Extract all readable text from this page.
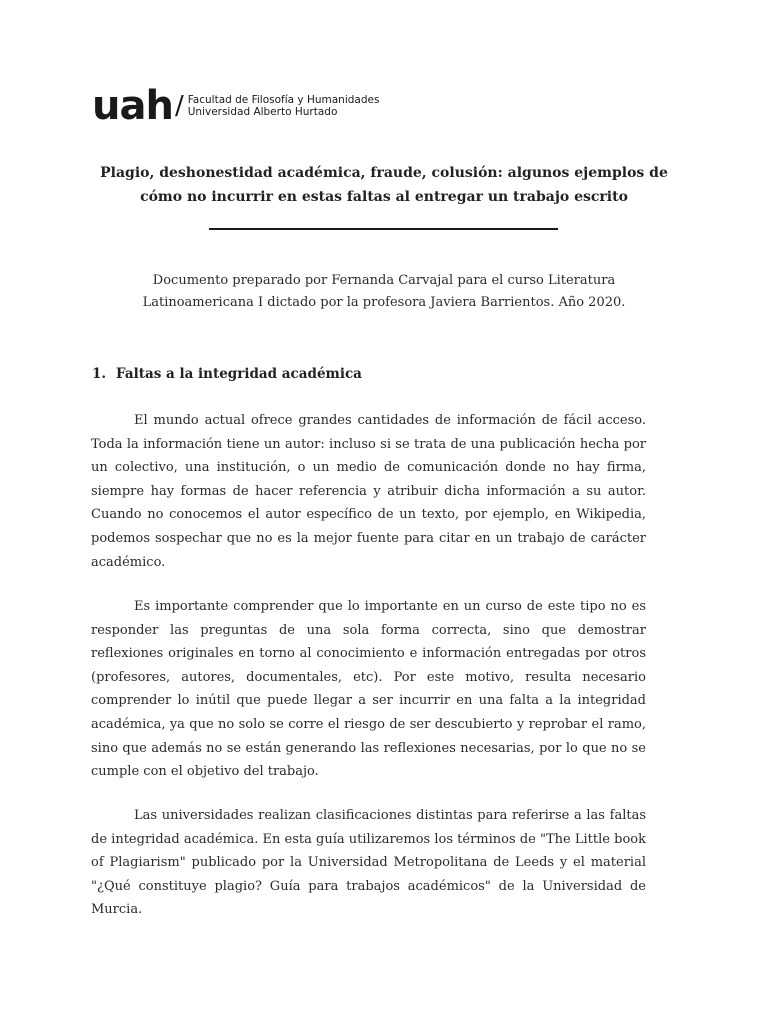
uah / Facultad de Filosofía y Humanidades
Universidad Alberto Hurtado
Plagio, deshonestidad académica, fraude, colusión: algunos ejemplos de cómo no incurrir en estas faltas al entregar un trabajo escrito
Documento preparado por Fernanda Carvajal para el curso Literatura Latinoamericana I dictado por la profesora Javiera Barrientos. Año 2020.
1. Faltas a la integridad académica

El mundo actual ofrece grandes cantidades de información de fácil acceso. Toda la información tiene un autor: incluso si se trata de una publicación hecha por un colectivo, una institución, o un medio de comunicación donde no hay firma, siempre hay formas de hacer referencia y atribuir dicha información a su autor. Cuando no conocemos el autor específico de un texto, por ejemplo, en Wikipedia, podemos sospechar que no es la mejor fuente para citar en un trabajo de carácter académico.

Es importante comprender que lo importante en un curso de este tipo no es responder las preguntas de una sola forma correcta, sino que demostrar reflexiones originales en torno al conocimiento e información entregadas por otros (profesores, autores, documentales, etc). Por este motivo, resulta necesario comprender lo inútil que puede llegar a ser incurrir en una falta a la integridad académica, ya que no solo se corre el riesgo de ser descubierto y reprobar el ramo, sino que además no se están generando las reflexiones necesarias, por lo que no se cumple con el objetivo del trabajo.

Las universidades realizan clasificaciones distintas para referirse a las faltas de integridad académica. En esta guía utilizaremos los términos de "The Little book of Plagiarism" publicado por la Universidad Metropolitana de Leeds y el material "¿Qué constituye plagio? Guía para trabajos académicos" de la Universidad de Murcia.
